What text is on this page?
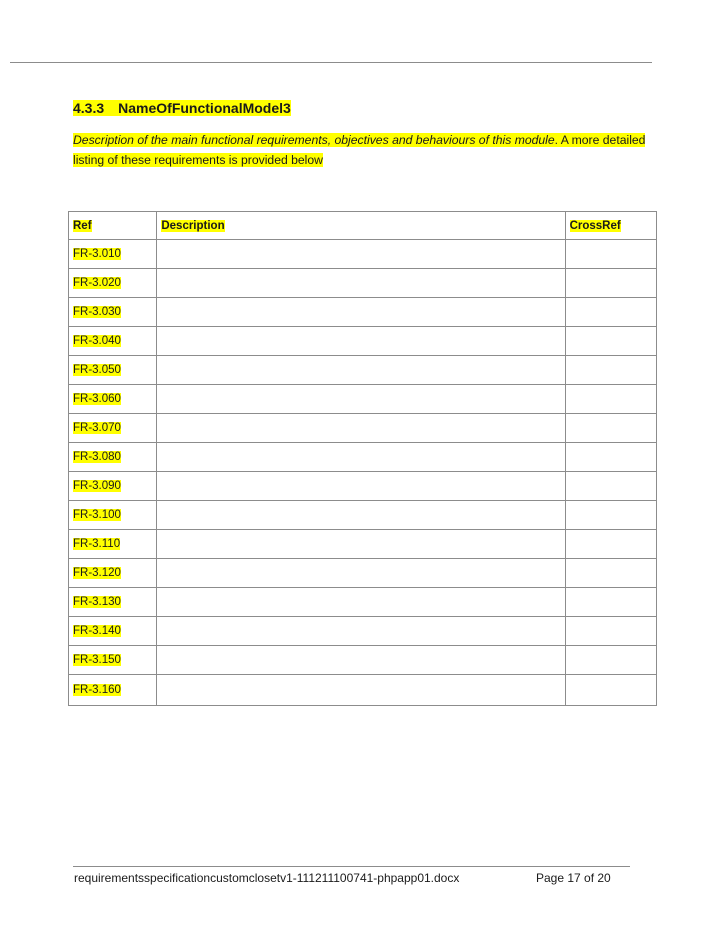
4.3.3 NameOfFunctionalModel3

Description of the main functional requirements, objectives and behaviours of this module. A more detailed listing of these requirements is provided below

Ref	Description	CrossRef
FR-3.010		
FR-3.020		
FR-3.030		
FR-3.040		
FR-3.050		
FR-3.060		
FR-3.070		
FR-3.080		
FR-3.090		
FR-3.100		
FR-3.110		
FR-3.120		
FR-3.130		
FR-3.140		
FR-3.150		
FR-3.160		

requirementsspecificationcustomclosetv1-111211100741-phpapp01.docx	Page 17 of 20
